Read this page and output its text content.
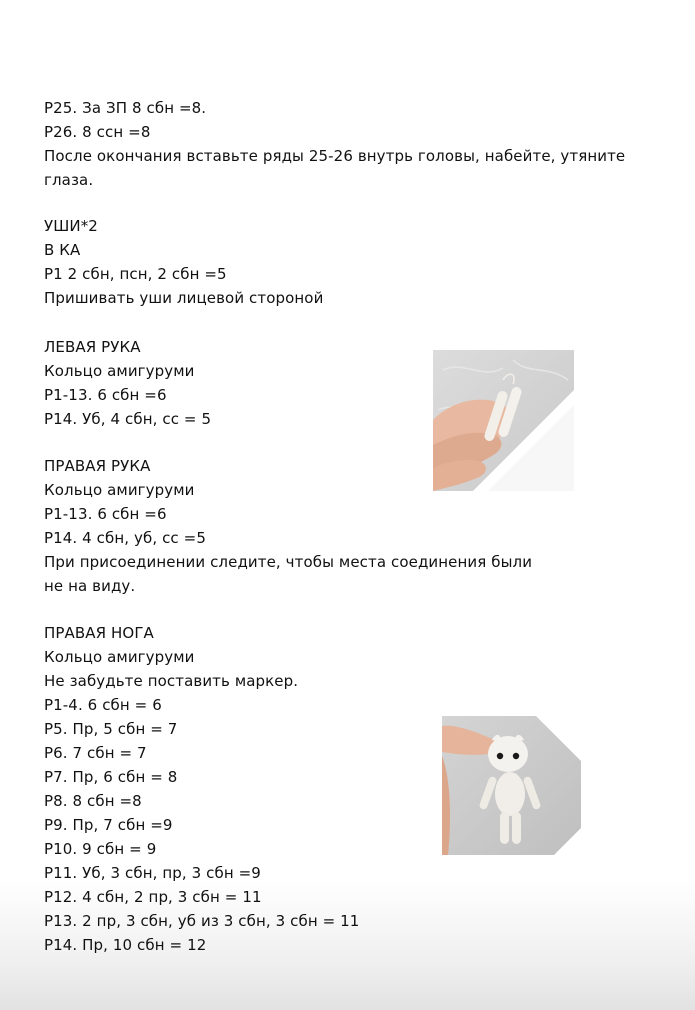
Р25. За ЗП 8 сбн =8.
Р26. 8 ссн =8
После окончания вставьте ряды 25-26 внутрь головы, набейте, утяните
глаза.
УШИ*2
В КА
Р1 2 сбн, псн, 2 сбн =5
Пришивать уши лицевой стороной
ЛЕВАЯ РУКА
Кольцо амигуруми
Р1-13. 6 сбн =6
Р14. Уб, 4 сбн, сс = 5
ПРАВАЯ РУКА
Кольцо амигуруми
Р1-13. 6 сбн =6
Р14. 4 сбн, уб, сс =5
При присоединении следите, чтобы места соединения были
не на виду.
ПРАВАЯ НОГА
Кольцо амигуруми
Не забудьте поставить маркер.
Р1-4. 6 сбн = 6
Р5. Пр, 5 сбн = 7
Р6. 7 сбн = 7
Р7. Пр, 6 сбн = 8
Р8. 8 сбн =8
Р9. Пр, 7 сбн =9
Р10. 9 сбн = 9
Р11. Уб, 3 сбн, пр, 3 сбн =9
Р12. 4 сбн, 2 пр, 3 сбн = 11
Р13. 2 пр, 3 сбн, уб из 3 сбн, 3 сбн = 11
Р14. Пр, 10 сбн = 12
